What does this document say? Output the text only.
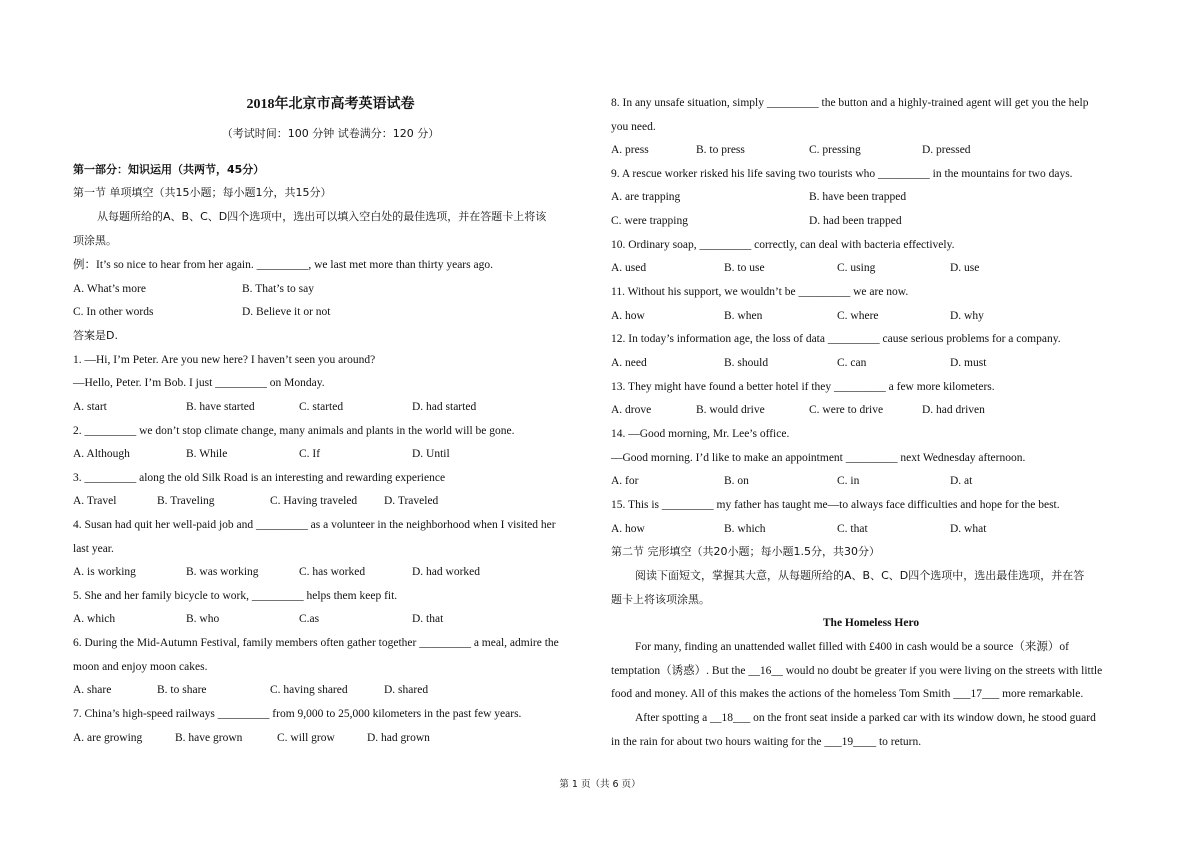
2018年北京市高考英语试卷
（考试时间：100 分钟 试卷满分：120 分）
第一部分：知识运用（共两节，45分）
第一节 单项填空（共15小题；每小题1分，共15分）
从每题所给的A、B、C、D四个选项中，选出可以填入空白处的最佳选项，并在答题卡上将该
项涂黑。
例：It’s so nice to hear from her again. _________, we last met more than thirty years ago.
A. What’s more	B. That’s to say
C. In other words	D. Believe it or not
答案是D.
1. —Hi, I’m Peter. Are you new here? I haven’t seen you around?
—Hello, Peter. I’m Bob. I just _________ on Monday.
A. start	B. have started	C. started	D. had started
2. _________ we don’t stop climate change, many animals and plants in the world will be gone.
A. Although	B. While	C. If	D. Until
3. _________ along the old Silk Road is an interesting and rewarding experience
A. Travel	B. Traveling	C. Having traveled D. Traveled
4. Susan had quit her well-paid job and _________ as a volunteer in the neighborhood when I visited her
last year.
A. is working	B. was working	C. has worked	D. had worked
5. She and her family bicycle to work, _________ helps them keep fit.
A. which	B. who	C.as	D. that
6. During the Mid-Autumn Festival, family members often gather together _________ a meal, admire the
moon and enjoy moon cakes.
A. share	B. to share	C. having shared	D. shared
7. China’s high-speed railways _________ from 9,000 to 25,000 kilometers in the past few years.
A. are growing	B. have grown	C. will grow	D. had grown
8. In any unsafe situation, simply _________ the button and a highly-trained agent will get you the help
you need.
A. press	B. to press	C. pressing	D. pressed
9. A rescue worker risked his life saving two tourists who _________ in the mountains for two days.
A. are trapping	B. have been trapped
C. were trapping	D. had been trapped
10. Ordinary soap, _________ correctly, can deal with bacteria effectively.
A. used	B. to use	C. using	D. use
11. Without his support, we wouldn’t be _________ we are now.
A. how	B. when	C. where	D. why
12. In today’s information age, the loss of data _________ cause serious problems for a company.
A. need	B. should	C. can	D. must
13. They might have found a better hotel if they _________ a few more kilometers.
A. drove	B. would drive	C. were to drive	D. had driven
14. —Good morning, Mr. Lee’s office.
—Good morning. I’d like to make an appointment _________ next Wednesday afternoon.
A. for	B. on	C. in	D. at
15. This is _________ my father has taught me—to always face difficulties and hope for the best.
A. how	B. which	C. that	D. what
第二节 完形填空（共20小题；每小题1.5分，共30分）
阅读下面短文，掌握其大意，从每题所给的A、B、C、D四个选项中，选出最佳选项，并在答
题卡上将该项涂黑。
The Homeless Hero
For many, finding an unattended wallet filled with £400 in cash would be a source（来源）of
temptation（诱惑）. But the __16__ would no doubt be greater if you were living on the streets with little
food and money. All of this makes the actions of the homeless Tom Smith ___17___ more remarkable.
After spotting a __18___ on the front seat inside a parked car with its window down, he stood guard
in the rain for about two hours waiting for the ___19____ to return.
第 1 页（共 6 页）
